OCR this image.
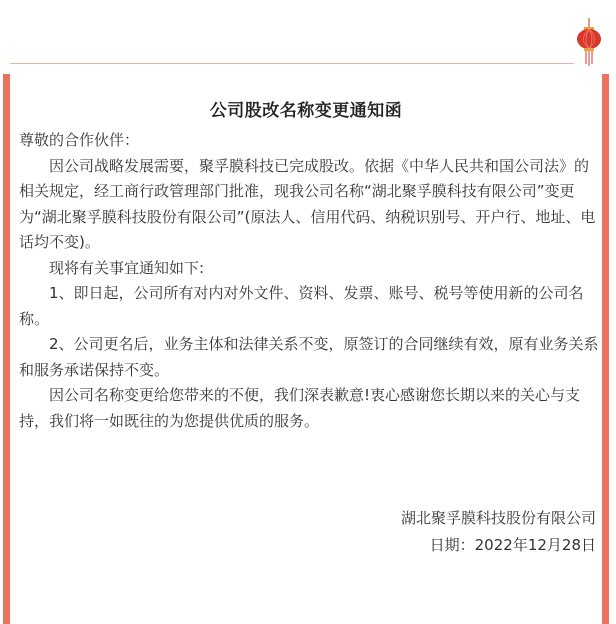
公司股改名称变更通知函

尊敬的合作伙伴：

因公司战略发展需要，聚孚膜科技已完成股改。依据《中华人民共和国公司法》的相关规定，经工商行政管理部门批准，现我公司名称“湖北聚孚膜科技有限公司”变更为“湖北聚孚膜科技股份有限公司”(原法人、信用代码、纳税识别号、开户行、地址、电话均不变)。

现将有关事宜通知如下:

1、即日起，公司所有对内对外文件、资料、发票、账号、税号等使用新的公司名称。

2、公司更名后，业务主体和法律关系不变，原签订的合同继续有效，原有业务关系和服务承诺保持不变。

因公司名称变更给您带来的不便，我们深表歉意!衷心感谢您长期以来的关心与支持，我们将一如既往的为您提供优质的服务。

湖北聚孚膜科技股份有限公司
日期：2022年12月28日
